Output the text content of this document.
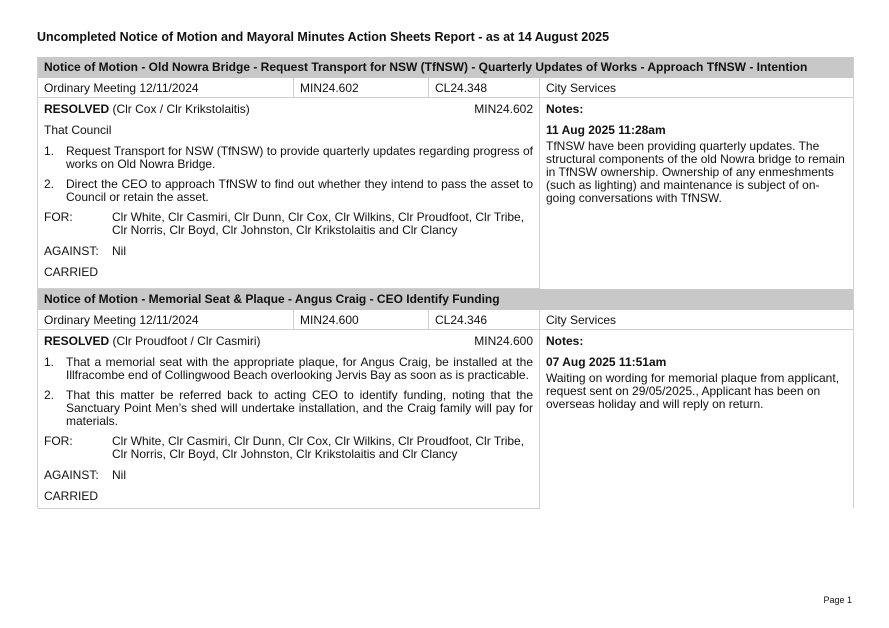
Uncompleted Notice of Motion and Mayoral Minutes Action Sheets Report - as at 14 August 2025
Notice of Motion - Old Nowra Bridge - Request Transport for NSW (TfNSW) - Quarterly Updates of Works - Approach TfNSW - Intention
Ordinary Meeting 12/11/2024	MIN24.602	CL24.348	City Services
RESOLVED (Clr Cox / Clr Krikstolaitis)	MIN24.602
That Council
1. Request Transport for NSW (TfNSW) to provide quarterly updates regarding progress of works on Old Nowra Bridge.
2. Direct the CEO to approach TfNSW to find out whether they intend to pass the asset to Council or retain the asset.
FOR:	Clr White, Clr Casmiri, Clr Dunn, Clr Cox, Clr Wilkins, Clr Proudfoot, Clr Tribe, Clr Norris, Clr Boyd, Clr Johnston, Clr Krikstolaitis and Clr Clancy
AGAINST:	Nil
CARRIED
Notes:
11 Aug 2025 11:28am
TfNSW have been providing quarterly updates. The structural components of the old Nowra bridge to remain in TfNSW ownership. Ownership of any enmeshments (such as lighting) and maintenance is subject of on-going conversations with TfNSW.
Notice of Motion - Memorial Seat & Plaque - Angus Craig - CEO Identify Funding
Ordinary Meeting 12/11/2024	MIN24.600	CL24.346	City Services
RESOLVED (Clr Proudfoot / Clr Casmiri)	MIN24.600
1. That a memorial seat with the appropriate plaque, for Angus Craig, be installed at the Illfracombe end of Collingwood Beach overlooking Jervis Bay as soon as is practicable.
2. That this matter be referred back to acting CEO to identify funding, noting that the Sanctuary Point Men’s shed will undertake installation, and the Craig family will pay for materials.
FOR:	Clr White, Clr Casmiri, Clr Dunn, Clr Cox, Clr Wilkins, Clr Proudfoot, Clr Tribe, Clr Norris, Clr Boyd, Clr Johnston, Clr Krikstolaitis and Clr Clancy
AGAINST:	Nil
CARRIED
Notes:
07 Aug 2025 11:51am
Waiting on wording for memorial plaque from applicant, request sent on 29/05/2025., Applicant has been on overseas holiday and will reply on return.
Page 1
